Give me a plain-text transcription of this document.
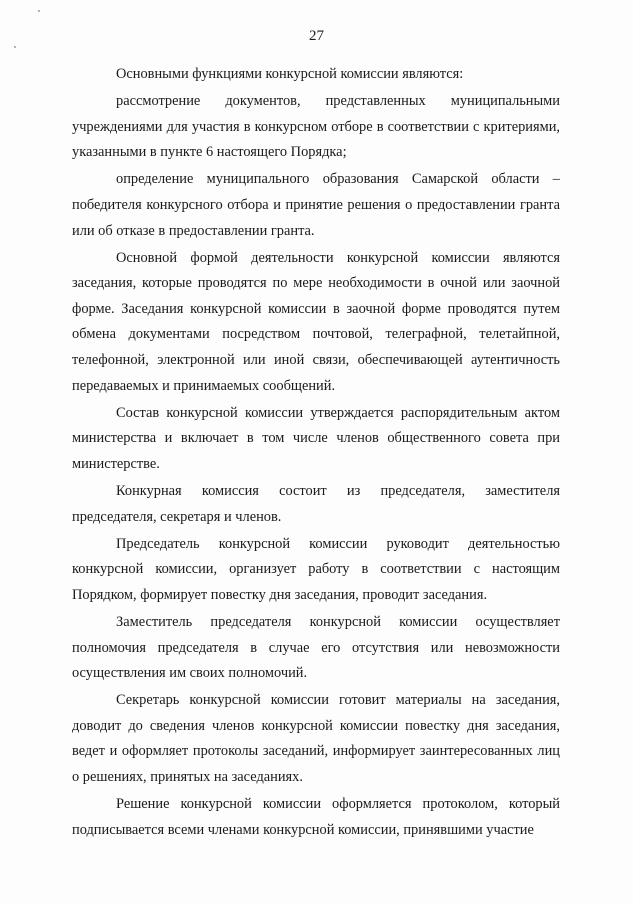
27

Основными функциями конкурсной комиссии являются:

рассмотрение документов, представленных муниципальными учреждениями для участия в конкурсном отборе в соответствии с критериями, указанными в пункте 6 настоящего Порядка;

определение муниципального образования Самарской области – победителя конкурсного отбора и принятие решения о предоставлении гранта или об отказе в предоставлении гранта.

Основной формой деятельности конкурсной комиссии являются заседания, которые проводятся по мере необходимости в очной или заочной форме. Заседания конкурсной комиссии в заочной форме проводятся путем обмена документами посредством почтовой, телеграфной, телетайпной, телефонной, электронной или иной связи, обеспечивающей аутентичность передаваемых и принимаемых сообщений.

Состав конкурсной комиссии утверждается распорядительным актом министерства и включает в том числе членов общественного совета при министерстве.

Конкурная комиссия состоит из председателя, заместителя председателя, секретаря и членов.

Председатель конкурсной комиссии руководит деятельностью конкурсной комиссии, организует работу в соответствии с настоящим Порядком, формирует повестку дня заседания, проводит заседания.

Заместитель председателя конкурсной комиссии осуществляет полномочия председателя в случае его отсутствия или невозможности осуществления им своих полномочий.

Секретарь конкурсной комиссии готовит материалы на заседания, доводит до сведения членов конкурсной комиссии повестку дня заседания, ведет и оформляет протоколы заседаний, информирует заинтересованных лиц о решениях, принятых на заседаниях.

Решение конкурсной комиссии оформляется протоколом, который подписывается всеми членами конкурсной комиссии, принявшими участие
